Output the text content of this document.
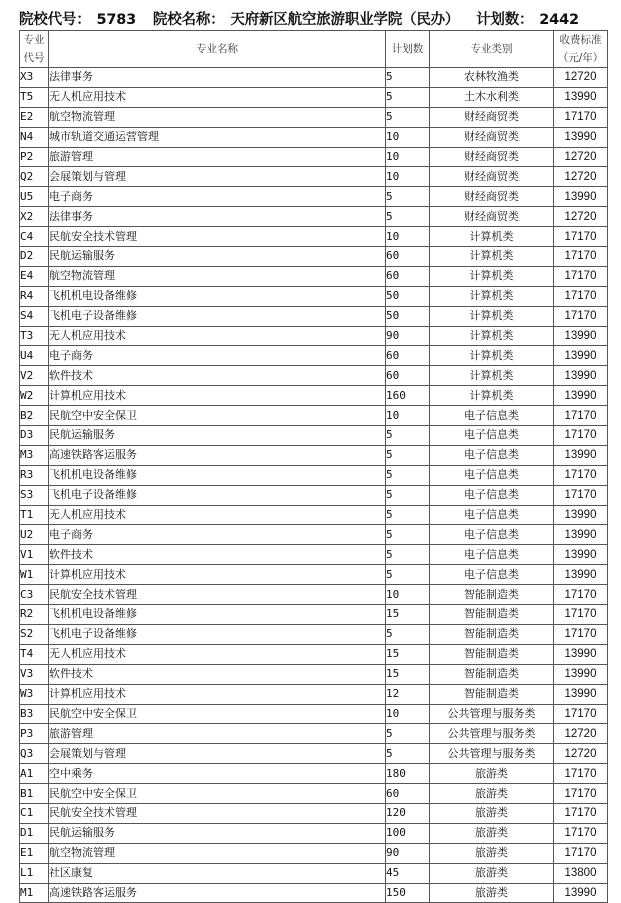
院校代号： 5783 院校名称： 天府新区航空旅游职业学院（民办） 计划数： 2442
专业代号	专业名称	计划数	专业类别	收费标准（元/年）
X3	法律事务	5	农林牧渔类	12720
T5	无人机应用技术	5	土木水利类	13990
E2	航空物流管理	5	财经商贸类	17170
N4	城市轨道交通运营管理	10	财经商贸类	13990
P2	旅游管理	10	财经商贸类	12720
Q2	会展策划与管理	10	财经商贸类	12720
U5	电子商务	5	财经商贸类	13990
X2	法律事务	5	财经商贸类	12720
C4	民航安全技术管理	10	计算机类	17170
D2	民航运输服务	60	计算机类	17170
E4	航空物流管理	60	计算机类	17170
R4	飞机机电设备维修	50	计算机类	17170
S4	飞机电子设备维修	50	计算机类	17170
T3	无人机应用技术	90	计算机类	13990
U4	电子商务	60	计算机类	13990
V2	软件技术	60	计算机类	13990
W2	计算机应用技术	160	计算机类	13990
B2	民航空中安全保卫	10	电子信息类	17170
D3	民航运输服务	5	电子信息类	17170
M3	高速铁路客运服务	5	电子信息类	13990
R3	飞机机电设备维修	5	电子信息类	17170
S3	飞机电子设备维修	5	电子信息类	17170
T1	无人机应用技术	5	电子信息类	13990
U2	电子商务	5	电子信息类	13990
V1	软件技术	5	电子信息类	13990
W1	计算机应用技术	5	电子信息类	13990
C3	民航安全技术管理	10	智能制造类	17170
R2	飞机机电设备维修	15	智能制造类	17170
S2	飞机电子设备维修	5	智能制造类	17170
T4	无人机应用技术	15	智能制造类	13990
V3	软件技术	15	智能制造类	13990
W3	计算机应用技术	12	智能制造类	13990
B3	民航空中安全保卫	10	公共管理与服务类	17170
P3	旅游管理	5	公共管理与服务类	12720
Q3	会展策划与管理	5	公共管理与服务类	12720
A1	空中乘务	180	旅游类	17170
B1	民航空中安全保卫	60	旅游类	17170
C1	民航安全技术管理	120	旅游类	17170
D1	民航运输服务	100	旅游类	17170
E1	航空物流管理	90	旅游类	17170
L1	社区康复	45	旅游类	13800
M1	高速铁路客运服务	150	旅游类	13990
